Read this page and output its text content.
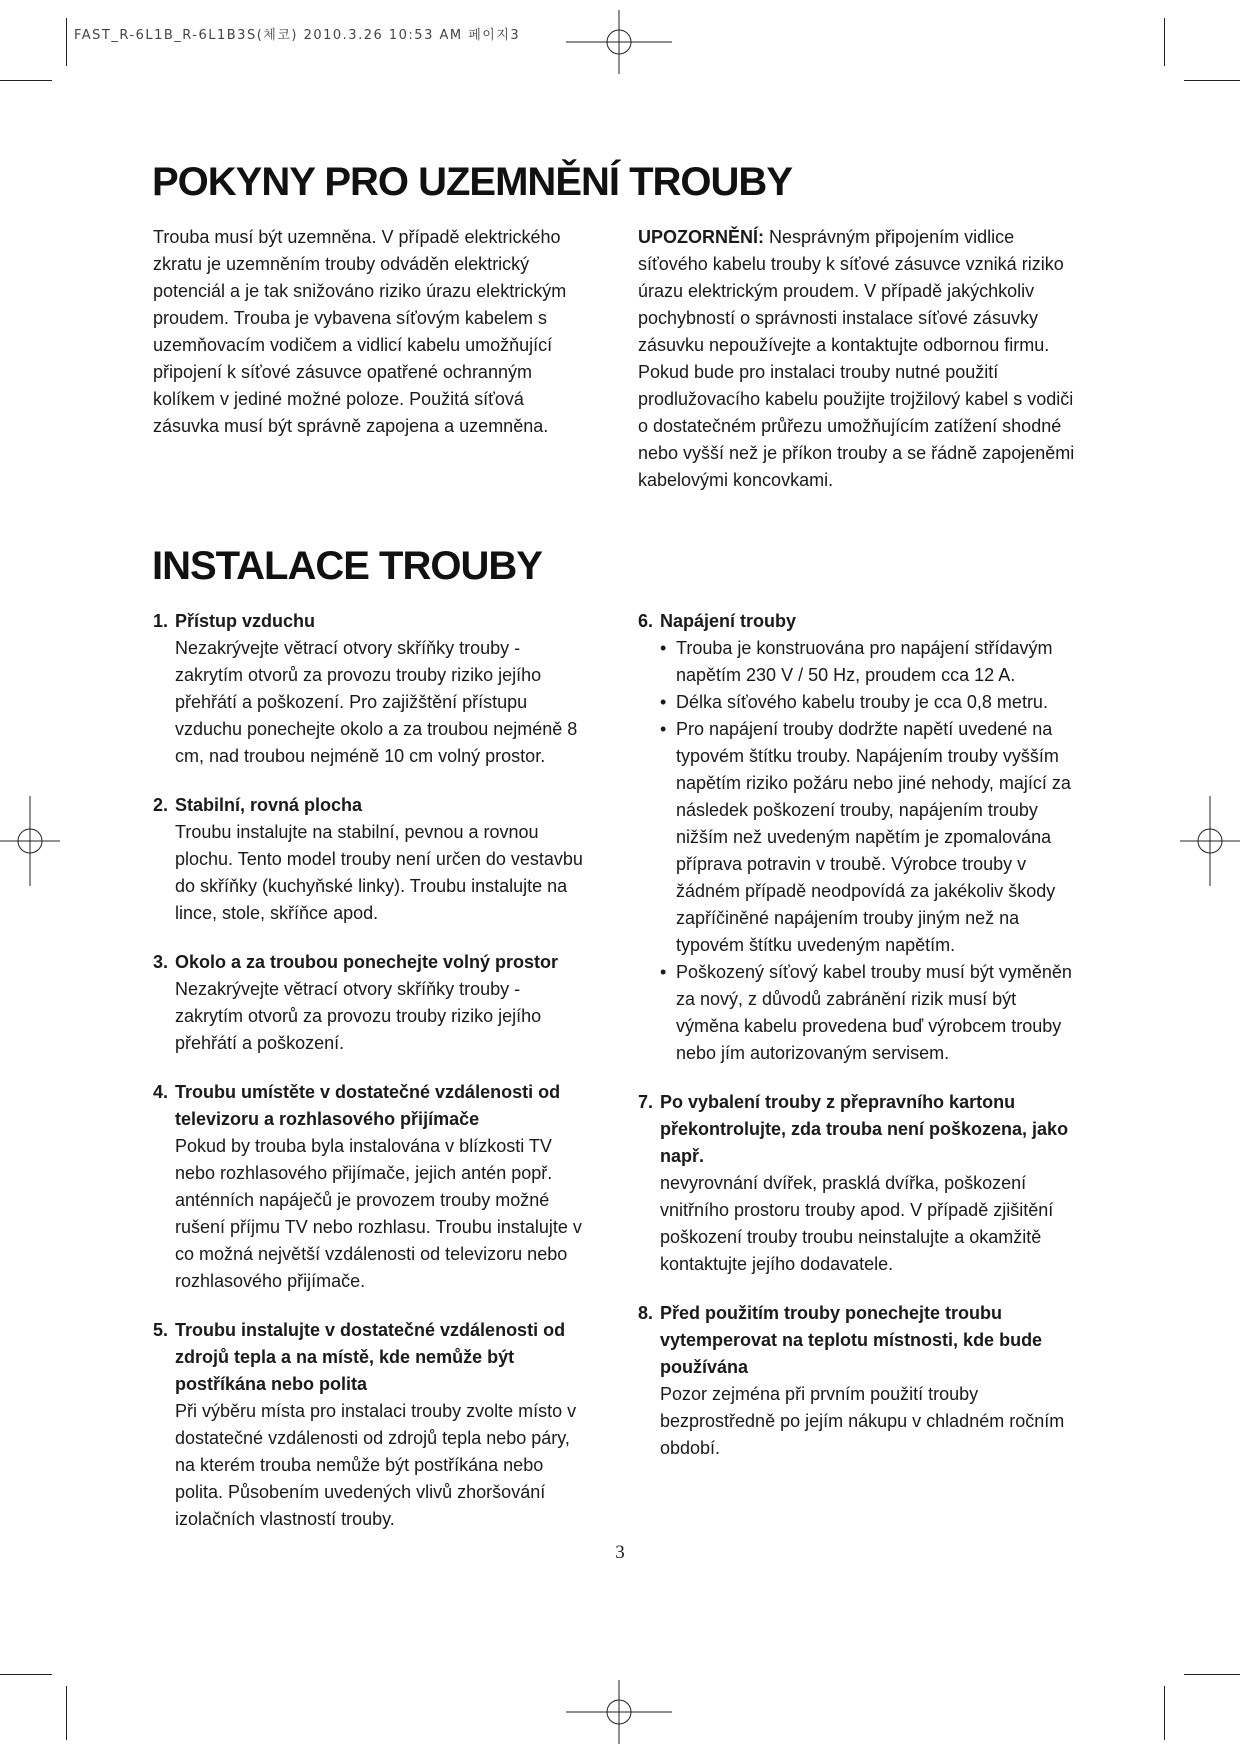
FAST_R-6L1B_R-6L1B3S(체코) 2010.3.26 10:53 AM 페이지3
POKYNY PRO UZEMNĚNÍ TROUBY

Trouba musí být uzemněna. V případě elektrického zkratu je uzemněním trouby odváděn elektrický potenciál a je tak snižováno riziko úrazu elektrickým proudem. Trouba je vybavena síťovým kabelem s uzemňovacím vodičem a vidlicí kabelu umožňující připojení k síťové zásuvce opatřené ochranným kolíkem v jediné možné poloze. Použitá síťová zásuvka musí být správně zapojena a uzemněna.

UPOZORNĚNÍ: Nesprávným připojením vidlice síťového kabelu trouby k síťové zásuvce vzniká riziko úrazu elektrickým proudem. V případě jakýchkoliv pochybností o správnosti instalace síťové zásuvky zásuvku nepoužívejte a kontaktujte odbornou firmu. Pokud bude pro instalaci trouby nutné použití prodlužovacího kabelu použijte trojžilový kabel s vodiči o dostatečném průřezu umožňujícím zatížení shodné nebo vyšší než je příkon trouby a se řádně zapojeněmi kabelovými koncovkami.

INSTALACE TROUBY
1. Přístup vzduchu
Nezakrývejte větrací otvory skříňky trouby - zakrytím otvorů za provozu trouby riziko jejího přehřátí a poškození. Pro zajižštění přístupu vzduchu ponechejte okolo a za troubou nejméně 8 cm, nad troubou nejméně 10 cm volný prostor.
2. Stabilní, rovná plocha
Troubu instalujte na stabilní, pevnou a rovnou plochu. Tento model trouby není určen do vestavbu do skříňky (kuchyňské linky). Troubu instalujte na lince, stole, skříňce apod.
3. Okolo a za troubou ponechejte volný prostor
Nezakrývejte větrací otvory skříňky trouby - zakrytím otvorů za provozu trouby riziko jejího přehřátí a poškození.
4. Troubu umístěte v dostatečné vzdálenosti od televizoru a rozhlasového přijímače
Pokud by trouba byla instalována v blízkosti TV nebo rozhlasového přijímače, jejich antén popř. anténních napáječů je provozem trouby možné rušení příjmu TV nebo rozhlasu. Troubu instalujte v co možná největší vzdálenosti od televizoru nebo rozhlasového přijímače.
5. Troubu instalujte v dostatečné vzdálenosti od zdrojů tepla a na místě, kde nemůže být postříkána nebo polita
Při výběru místa pro instalaci trouby zvolte místo v dostatečné vzdálenosti od zdrojů tepla nebo páry, na kterém trouba nemůže být postříkána nebo polita. Působením uvedených vlivů zhoršování izolačních vlastností trouby.
6. Napájení trouby
• Trouba je konstruována pro napájení střídavým napětím 230 V / 50 Hz, proudem cca 12 A.
• Délka síťového kabelu trouby je cca 0,8 metru.
• Pro napájení trouby dodržte napětí uvedené na typovém štítku trouby. Napájením trouby vyšším napětím riziko požáru nebo jiné nehody, mající za následek poškození trouby, napájením trouby nižším než uvedeným napětím je zpomalována příprava potravin v troubě. Výrobce trouby v žádném případě neodpovídá za jakékoliv škody zapříčiněné napájením trouby jiným než na typovém štítku uvedeným napětím.
• Poškozený síťový kabel trouby musí být vyměněn za nový, z důvodů zabránění rizik musí být výměna kabelu provedena buď výrobcem trouby nebo jím autorizovaným servisem.
7. Po vybalení trouby z přepravního kartonu překontrolujte, zda trouba není poškozena, jako např.
nevyrovnání dvířek, prasklá dvířka, poškození vnitřního prostoru trouby apod. V případě zjišitění poškození trouby troubu neinstalujte a okamžitě kontaktujte jejího dodavatele.
8. Před použitím trouby ponechejte troubu vytemperovat na teplotu místnosti, kde bude používána
Pozor zejména při prvním použití trouby bezprostředně po jejím nákupu v chladném ročním období.
3
